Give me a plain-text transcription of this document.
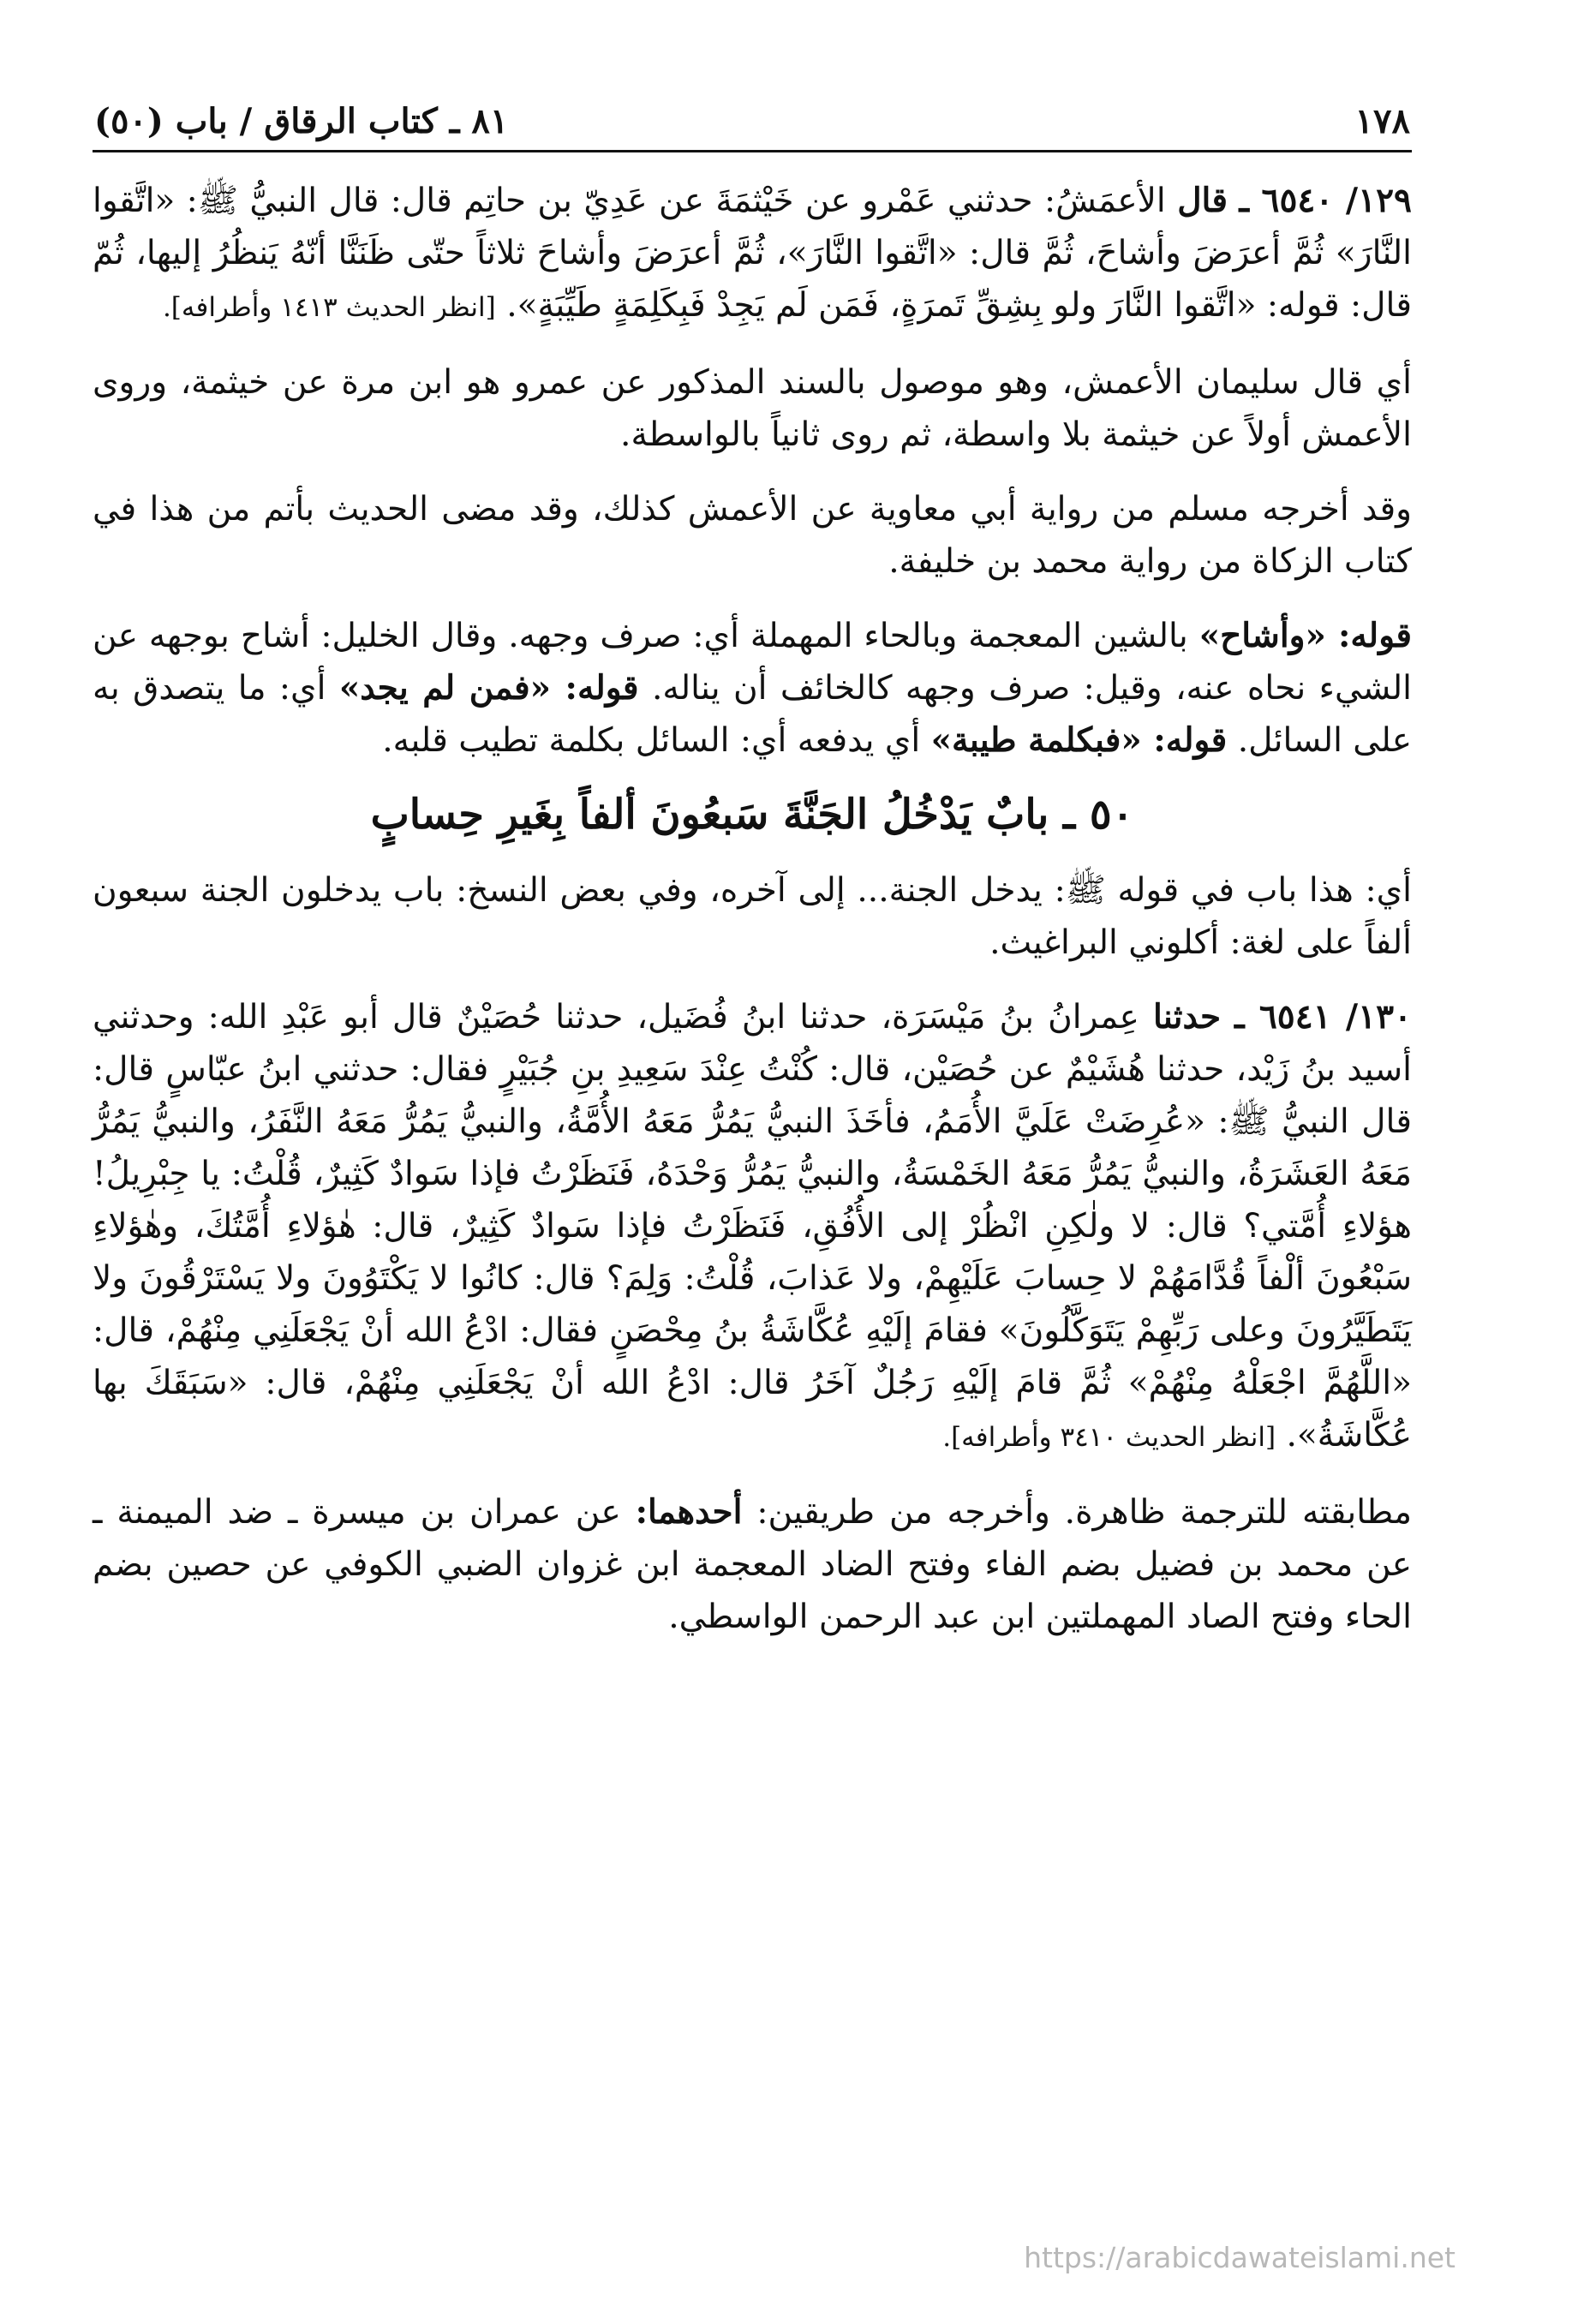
١٧٨
٨١ ـ كتاب الرقاق / باب (٥٠)

١٢٩/ ٦٥٤٠ ـ قال الأعمَشُ: حدثني عَمْرو عن خَيْثمَةَ عن عَدِيّ بن حاتِم قال: قال النبيُّ ﷺ: «اتَّقوا النَّارَ» ثُمَّ أعرَضَ وأشاحَ، ثُمَّ قال: «اتَّقوا النَّارَ»، ثُمَّ أعرَضَ وأشاحَ ثلاثاً حتّى ظَنَنَّا أنّهُ يَنظُرُ إليها، ثُمّ قال: قوله: «اتَّقوا النَّارَ ولو بِشِقِّ تَمرَةٍ، فَمَن لَم يَجِدْ فَبِكَلِمَةٍ طَيِّبَةٍ». [انظر الحديث ١٤١٣ وأطرافه].

أي قال سليمان الأعمش، وهو موصول بالسند المذكور عن عمرو هو ابن مرة عن خيثمة، وروى الأعمش أولاً عن خيثمة بلا واسطة، ثم روى ثانياً بالواسطة.

وقد أخرجه مسلم من رواية أبي معاوية عن الأعمش كذلك، وقد مضى الحديث بأتم من هذا في كتاب الزكاة من رواية محمد بن خليفة.

قوله: «وأشاح» بالشين المعجمة وبالحاء المهملة أي: صرف وجهه. وقال الخليل: أشاح بوجهه عن الشيء نحاه عنه، وقيل: صرف وجهه كالخائف أن يناله. قوله: «فمن لم يجد» أي: ما يتصدق به على السائل. قوله: «فبكلمة طيبة» أي يدفعه أي: السائل بكلمة تطيب قلبه.

٥٠ ـ بابٌ يَدْخُلُ الجَنَّةَ سَبعُونَ ألفاً بِغَيرِ حِسابٍ

أي: هذا باب في قوله ﷺ: يدخل الجنة... إلى آخره، وفي بعض النسخ: باب يدخلون الجنة سبعون ألفاً على لغة: أكلوني البراغيث.

١٣٠/ ٦٥٤١ ـ حدثنا عِمرانُ بنُ مَيْسَرَة، حدثنا ابنُ فُضَيل، حدثنا حُصَيْنٌ قال أبو عَبْدِ الله: وحدثني أسيد بنُ زَيْد، حدثنا هُشَيْمٌ عن حُصَيْن، قال: كُنْتُ عِنْدَ سَعِيدِ بنِ جُبَيْرٍ فقال: حدثني ابنُ عبّاسٍ قال: قال النبيُّ ﷺ: «عُرِضَتْ عَلَيَّ الأُمَمُ، فأخَذَ النبيُّ يَمُرُّ مَعَهُ الأُمَّةُ، والنبيُّ يَمُرُّ مَعَهُ النَّفَرُ، والنبيُّ يَمُرُّ مَعَهُ العَشَرَةُ، والنبيُّ يَمُرُّ مَعَهُ الخَمْسَةُ، والنبيُّ يَمُرُّ وَحْدَهُ، فَنَظَرْتُ فإذا سَوادٌ كَثِيرٌ، قُلْتُ: يا جِبْرِيلُ! هؤلاءِ أُمَّتي؟ قال: لا ولٰكِنِ انْظُرْ إلى الأُفُقِ، فَنَظَرْتُ فإذا سَوادٌ كَثِيرٌ، قال: هٰؤلاءِ أُمَّتُكَ، وهٰؤلاءِ سَبْعُونَ ألْفاً قُدَّامَهُمْ لا حِسابَ عَلَيْهِمْ، ولا عَذابَ، قُلْتُ: وَلِمَ؟ قال: كانُوا لا يَكْتَوُونَ ولا يَسْتَرْقُونَ ولا يَتَطَيَّرُونَ وعلى رَبِّهِمْ يَتَوَكَّلُونَ» فقامَ إلَيْهِ عُكَّاشَةُ بنُ مِحْصَنٍ فقال: ادْعُ الله أنْ يَجْعَلَنِي مِنْهُمْ، قال: «اللَّهُمَّ اجْعَلْهُ مِنْهُمْ» ثُمَّ قامَ إلَيْهِ رَجُلٌ آخَرُ قال: ادْعُ الله أنْ يَجْعَلَنِي مِنْهُمْ، قال: «سَبَقَكَ بها عُكَّاشَةُ». [انظر الحديث ٣٤١٠ وأطرافه].

مطابقته للترجمة ظاهرة. وأخرجه من طريقين: أحدهما: عن عمران بن ميسرة ـ ضد الميمنة ـ عن محمد بن فضيل بضم الفاء وفتح الضاد المعجمة ابن غزوان الضبي الكوفي عن حصين بضم الحاء وفتح الصاد المهملتين ابن عبد الرحمن الواسطي.

https://arabicdawateislami.net
